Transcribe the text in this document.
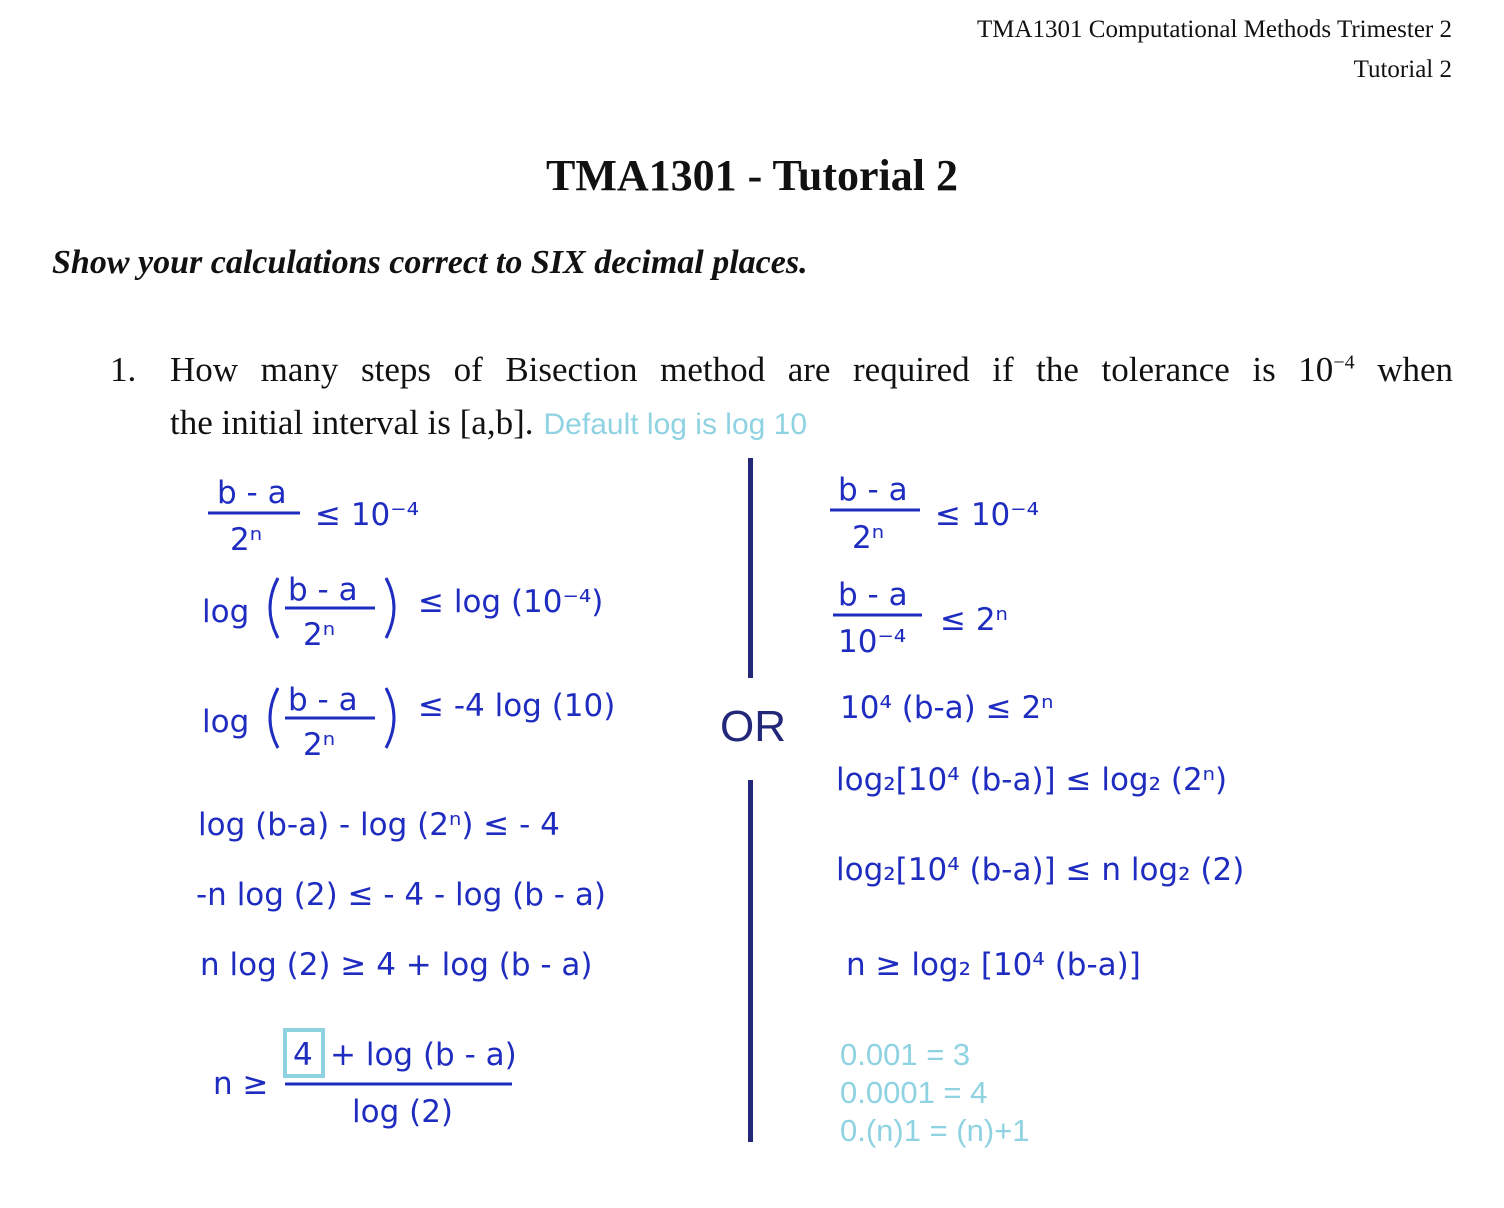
TMA1301 Computational Methods Trimester 2
Tutorial 2
TMA1301 - Tutorial 2
Show your calculations correct to SIX decimal places.
1. How many steps of Bisection method are required if the tolerance is $10^{-4}$ when
the initial interval is [a,b]. Default log is log 10
OR
b - a
2ⁿ
≤ 10⁻⁴
log
b - a
2ⁿ
≤ log (10⁻⁴)
log
b - a
2ⁿ
≤ -4 log (10)
log (b-a) - log (2ⁿ) ≤ - 4
-n log (2) ≤ - 4 - log (b - a)
n log (2) ≥ 4 + log (b - a)
n ≥
4 + log (b - a)
log (2)
b - a
2ⁿ
≤ 10⁻⁴
b - a
10⁻⁴
≤ 2ⁿ
10⁴ (b-a) ≤ 2ⁿ
log₂[10⁴ (b-a)] ≤ log₂ (2ⁿ)
log₂[10⁴ (b-a)] ≤ n log₂ (2)
n ≥ log₂ [10⁴ (b-a)]
0.001 = 3
0.0001 = 4
0.(n)1 = (n)+1
